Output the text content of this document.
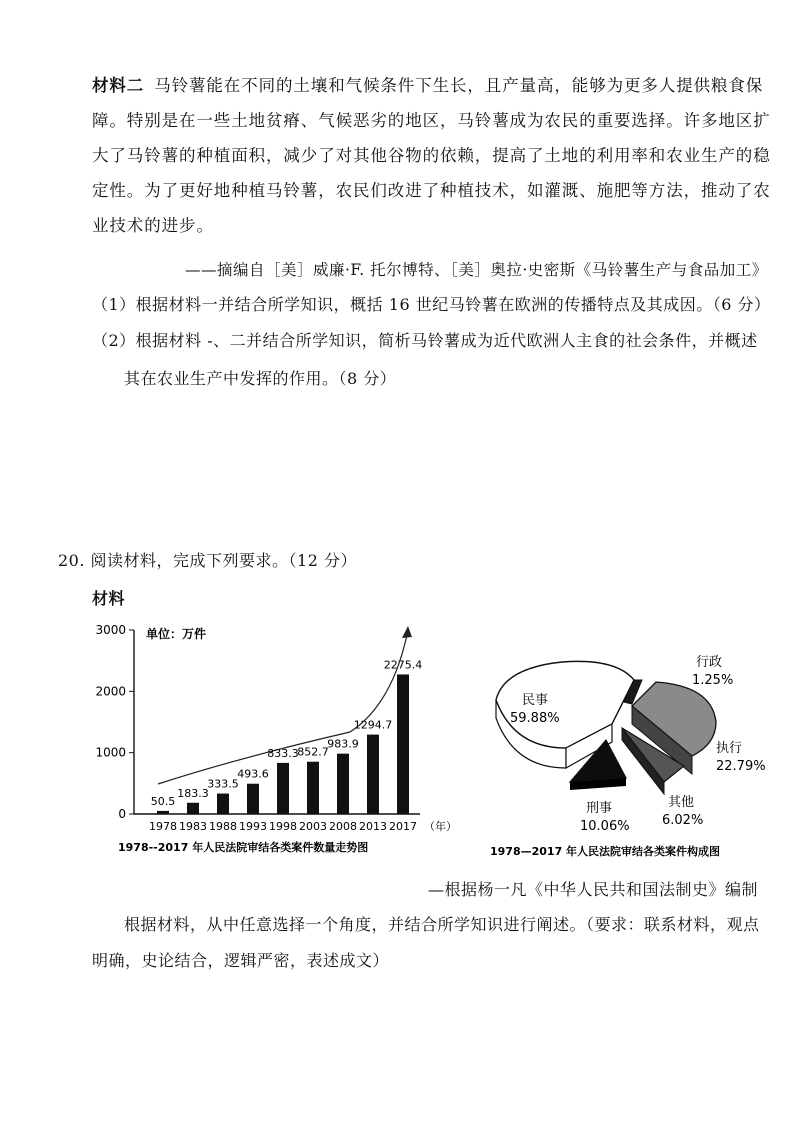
材料二 马铃薯能在不同的土壤和气候条件下生长，且产量高，能够为更多人提供粮食保障。特别是在一些土地贫瘠、气候恶劣的地区，马铃薯成为农民的重要选择。许多地区扩大了马铃薯的种植面积，减少了对其他谷物的依赖，提高了土地的利用率和农业生产的稳定性。为了更好地种植马铃薯，农民们改进了种植技术，如灌溉、施肥等方法，推动了农业技术的进步。
——摘编自［美］威廉·F. 托尔博特、［美］奥拉·史密斯《马铃薯生产与食品加工》
（1）根据材料一并结合所学知识，概括 16 世纪马铃薯在欧洲的传播特点及其成因。（6 分）
（2）根据材料 -、二并结合所学知识，简析马铃薯成为近代欧洲人主食的社会条件，并概述
其在农业生产中发挥的作用。（8 分）
20. 阅读材料，完成下列要求。（12 分）
材料
单位：万件
（年）
1978--2017 年人民法院审结各类案件数量走势图
50.5
1978
183.3
1983
333.5
1988
493.6
1993
833.3
1998
852.7
2003
983.9
2008
1294.7
2013
2275.4
2017
3000
2000
1000
0
民事
59.88%
行政
1.25%
执行
22.79%
其他
6.02%
刑事
10.06%
1978—2017 年人民法院审结各类案件构成图
—根据杨一凡《中华人民共和国法制史》编制
根据材料，从中任意选择一个角度，并结合所学知识进行阐述。（要求：联系材料，观点
明确，史论结合，逻辑严密，表述成文）
